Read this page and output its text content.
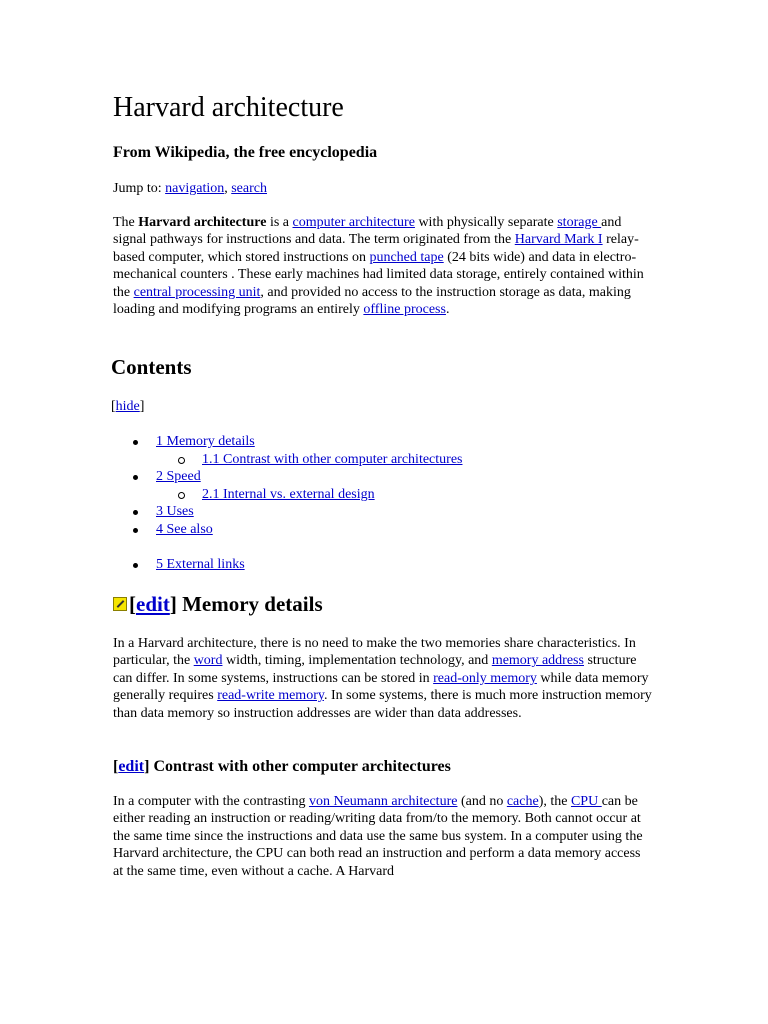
Harvard architecture
From Wikipedia, the free encyclopedia

Jump to: navigation, search

The Harvard architecture is a computer architecture with physically separate storage and signal pathways for instructions and data. The term originated from the Harvard Mark I relay-based computer, which stored instructions on punched tape (24 bits wide) and data in electro-mechanical counters . These early machines had limited data storage, entirely contained within the central processing unit, and provided no access to the instruction storage as data, making loading and modifying programs an entirely offline process.

Contents
[hide]
1 Memory details
1.1 Contrast with other computer architectures
2 Speed
2.1 Internal vs. external design
3 Uses
4 See also
5 External links
[ edit ] Memory details

In a Harvard architecture, there is no need to make the two memories share characteristics. In particular, the word width, timing, implementation technology, and memory address structure can differ. In some systems, instructions can be stored in read-only memory while data memory generally requires read-write memory. In some systems, there is much more instruction memory than data memory so instruction addresses are wider than data addresses.

[edit] Contrast with other computer architectures

In a computer with the contrasting von Neumann architecture (and no cache), the CPU can be either reading an instruction or reading/writing data from/to the memory. Both cannot occur at the same time since the instructions and data use the same bus system. In a computer using the Harvard architecture, the CPU can both read an instruction and perform a data memory access at the same time, even without a cache. A Harvard
